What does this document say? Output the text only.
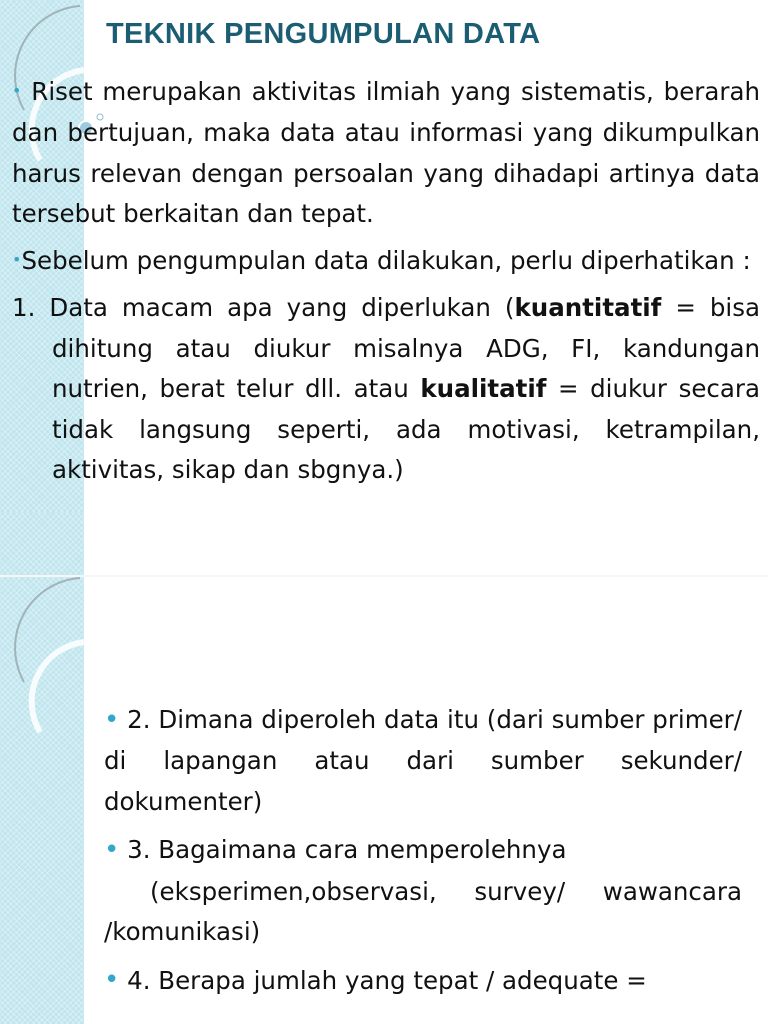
TEKNIK PENGUMPULAN DATA

• Riset merupakan aktivitas ilmiah yang sistematis, berarah dan bertujuan, maka data atau informasi yang dikumpulkan harus relevan dengan persoalan yang dihadapi artinya data tersebut berkaitan dan tepat.

•Sebelum pengumpulan data dilakukan, perlu diperhatikan :

1. Data macam apa yang diperlukan (kuantitatif = bisa dihitung atau diukur misalnya ADG, FI, kandungan nutrien, berat telur dll. atau kualitatif = diukur secara tidak langsung seperti, ada motivasi, ketrampilan, aktivitas, sikap dan sbgnya.)

• 2. Dimana diperoleh data itu (dari sumber primer/ di lapangan atau dari sumber sekunder/ dokumenter)

• 3. Bagaimana cara memperolehnya

(eksperimen,observasi, survey/ wawancara /komunikasi)

• 4. Berapa jumlah yang tepat / adequate =
